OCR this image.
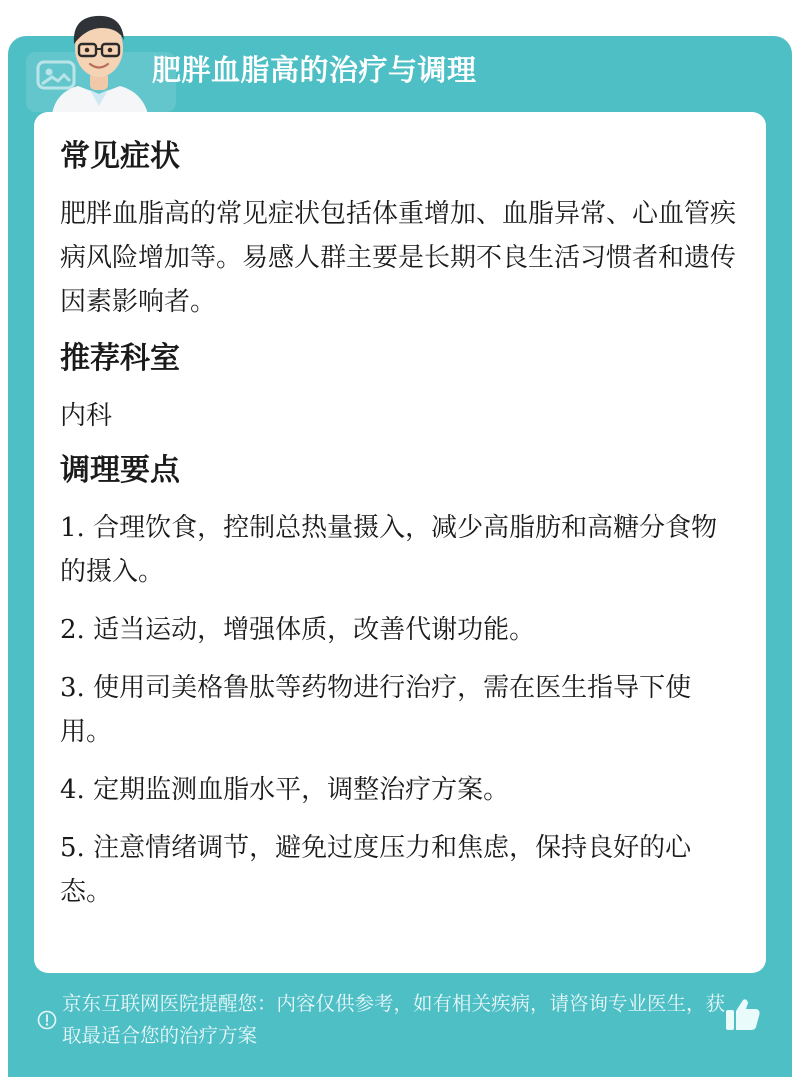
肥胖血脂高的治疗与调理
常见症状
肥胖血脂高的常见症状包括体重增加、血脂异常、心血管疾病风险增加等。易感人群主要是长期不良生活习惯者和遗传因素影响者。
推荐科室
内科
调理要点
1. 合理饮食，控制总热量摄入，减少高脂肪和高糖分食物的摄入。
2. 适当运动，增强体质，改善代谢功能。
3. 使用司美格鲁肽等药物进行治疗，需在医生指导下使用。
4. 定期监测血脂水平，调整治疗方案。
5. 注意情绪调节，避免过度压力和焦虑，保持良好的心态。
京东互联网医院提醒您：内容仅供参考，如有相关疾病，请咨询专业医生，获取最适合您的治疗方案
